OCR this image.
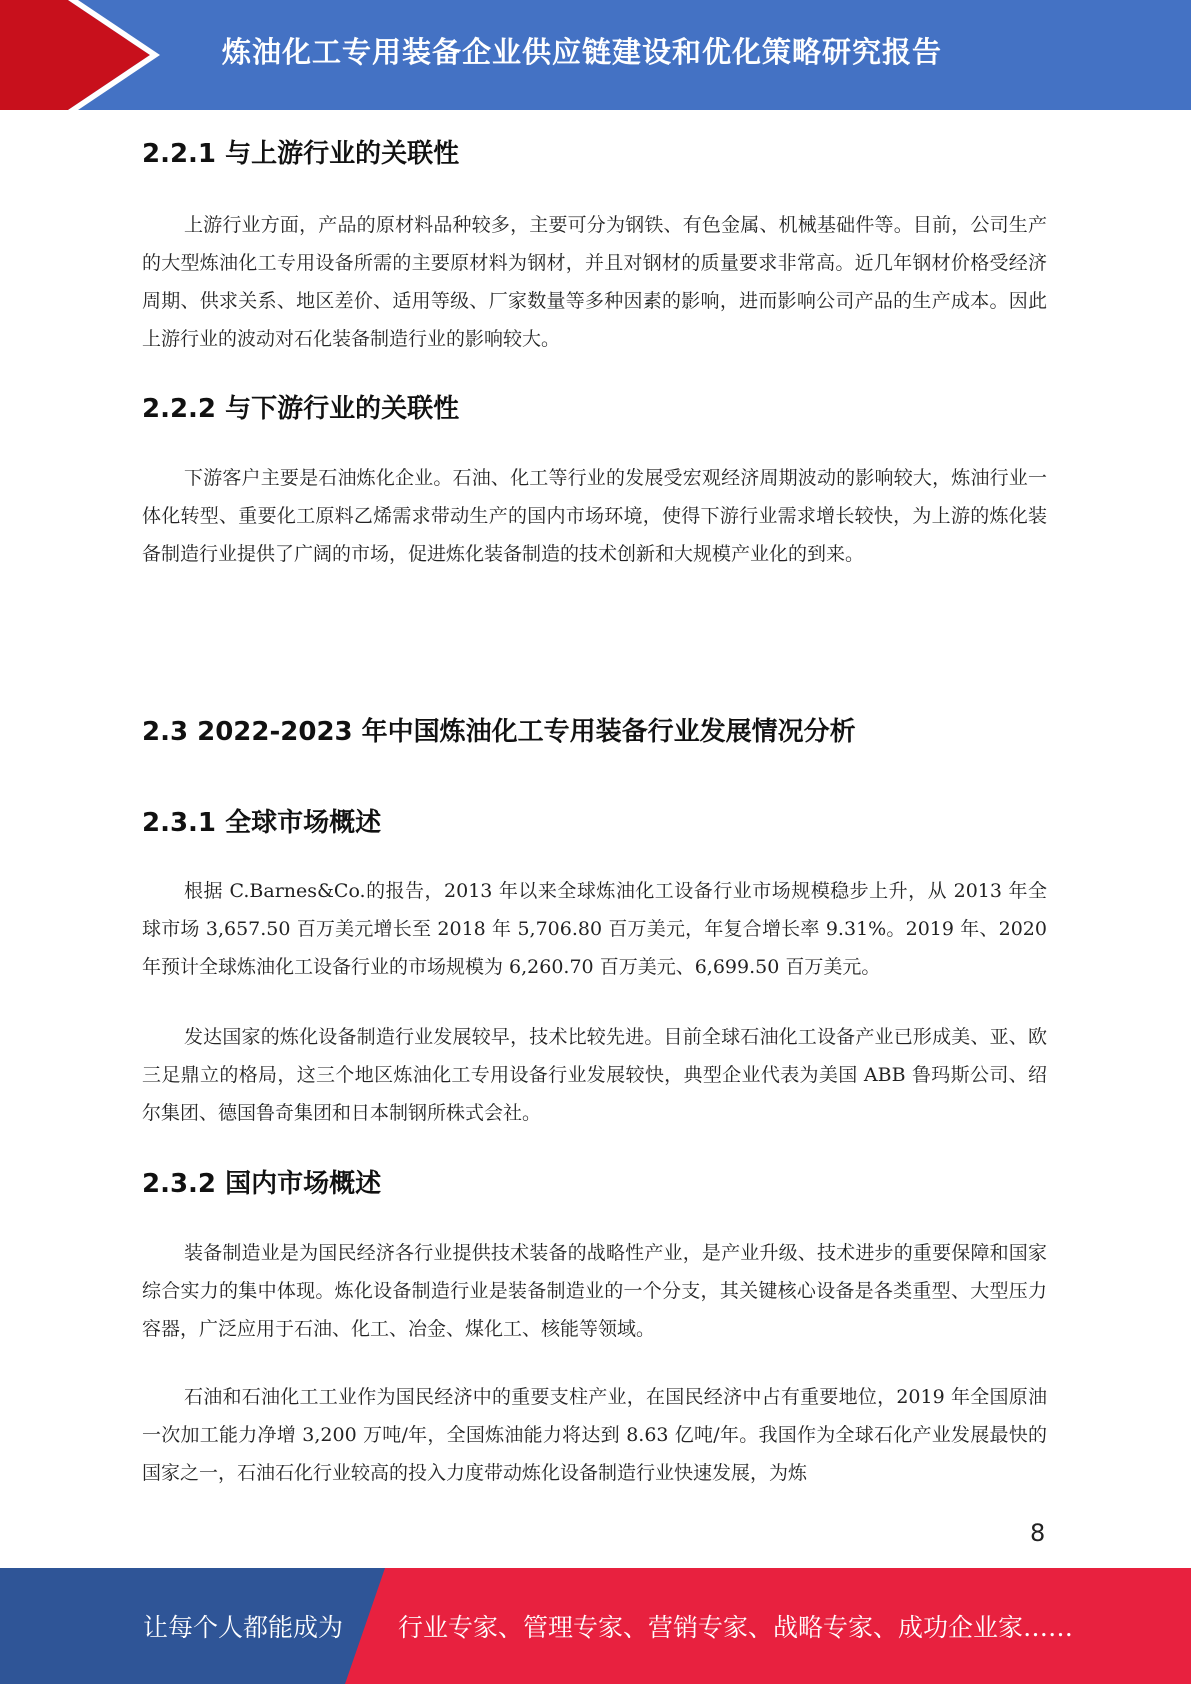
炼油化工专用装备企业供应链建设和优化策略研究报告
2.2.1 与上游行业的关联性

上游行业方面，产品的原材料品种较多，主要可分为钢铁、有色金属、机械基础件等。目前，公司生产的大型炼油化工专用设备所需的主要原材料为钢材，并且对钢材的质量要求非常高。近几年钢材价格受经济周期、供求关系、地区差价、适用等级、厂家数量等多种因素的影响，进而影响公司产品的生产成本。因此上游行业的波动对石化装备制造行业的影响较大。

2.2.2 与下游行业的关联性

下游客户主要是石油炼化企业。石油、化工等行业的发展受宏观经济周期波动的影响较大，炼油行业一体化转型、重要化工原料乙烯需求带动生产的国内市场环境，使得下游行业需求增长较快，为上游的炼化装备制造行业提供了广阔的市场，促进炼化装备制造的技术创新和大规模产业化的到来。

2.3 2022-2023 年中国炼油化工专用装备行业发展情况分析
2.3.1 全球市场概述

根据 C.Barnes&Co.的报告，2013 年以来全球炼油化工设备行业市场规模稳步上升，从 2013 年全球市场 3,657.50 百万美元增长至 2018 年 5,706.80 百万美元，年复合增长率 9.31%。2019 年、2020 年预计全球炼油化工设备行业的市场规模为 6,260.70 百万美元、6,699.50 百万美元。

发达国家的炼化设备制造行业发展较早，技术比较先进。目前全球石油化工设备产业已形成美、亚、欧三足鼎立的格局，这三个地区炼油化工专用设备行业发展较快，典型企业代表为美国 ABB 鲁玛斯公司、绍尔集团、德国鲁奇集团和日本制钢所株式会社。

2.3.2 国内市场概述

装备制造业是为国民经济各行业提供技术装备的战略性产业，是产业升级、技术进步的重要保障和国家综合实力的集中体现。炼化设备制造行业是装备制造业的一个分支，其关键核心设备是各类重型、大型压力容器，广泛应用于石油、化工、冶金、煤化工、核能等领域。

石油和石油化工工业作为国民经济中的重要支柱产业，在国民经济中占有重要地位，2019 年全国原油一次加工能力净增 3,200 万吨/年，全国炼油能力将达到 8.63 亿吨/年。我国作为全球石化产业发展最快的国家之一，石油石化行业较高的投入力度带动炼化设备制造行业快速发展，为炼

8
让每个人都能成为 行业专家、管理专家、营销专家、战略专家、成功企业家……
